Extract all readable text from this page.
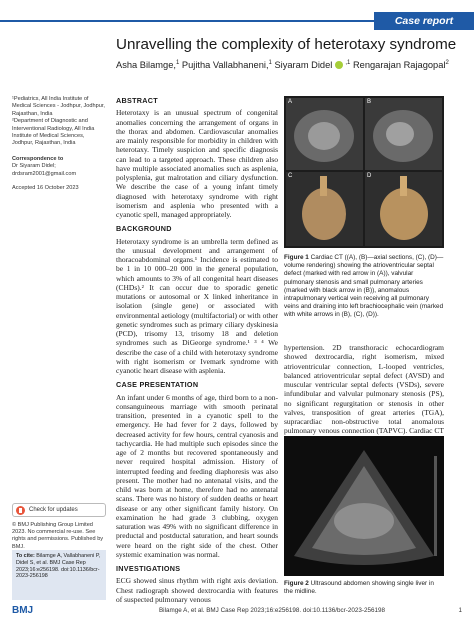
Case report
Unravelling the complexity of heterotaxy syndrome
Asha Bilamge,$^1$ Pujitha Vallabhaneni,$^1$ Siyaram Didel $^{,1}$ Rengarajan Rajagopal$^2$
¹Pediatrics, All India Institute of Medical Sciences - Jodhpur, Jodhpur, Rajasthan, India
²Department of Diagnostic and Interventional Radiology, All India Institute of Medical Sciences, Jodhpur, Rajasthan, India
Correspondence to
Dr Siyaram Didel;
drdsram2001@gmail.com
Accepted 16 October 2023
Check for updates
© BMJ Publishing Group Limited 2023. No commercial re-use. See rights and permissions. Published by BMJ.
To cite: Bilamge A, Vallabhaneni P, Didel S, et al. BMJ Case Rep 2023;16:e256198. doi:10.1136/bcr-2023-256198
ABSTRACT
Heterotaxy is an unusual spectrum of congenital anomalies concerning the arrangement of organs in the thorax and abdomen. Cardiovascular anomalies are mainly responsible for morbidity in children with heterotaxy. Timely suspicion and specific diagnosis can lead to a targeted approach. These children also have multiple associated anomalies such as asplenia, polysplenia, gut malrotation and ciliary dysfunction. We describe the case of a young infant timely diagnosed with heterotaxy syndrome with right isomerism and asplenia who presented with a cyanotic spell, managed appropriately.
BACKGROUND
Heterotaxy syndrome is an umbrella term defined as the unusual development and arrangement of thoracoabdominal organs.¹ Incidence is estimated to be 1 in 10 000–20 000 in the general population, which amounts to 3% of all congenital heart diseases (CHDs).² It can occur due to sporadic genetic mutations or autosomal or X linked inheritance in isolation (single gene) or associated with environmental aetiology (multifactorial) or with other genetic syndromes such as primary ciliary dyskinesia (PCD), trisomy 13, trisomy 18 and deletion syndromes such as DiGeorge syndrome.¹ ³ ⁴ We describe the case of a child with heterotaxy syndrome with right isomerism or Ivemark syndrome with cyanotic heart disease with asplenia.
CASE PRESENTATION
An infant under 6 months of age, third born to a non-consanguineous marriage with smooth perinatal transition, presented in a cyanotic spell to the emergency. He had fever for 2 days, followed by decreased activity for few hours, central cyanosis and tachycardia. He had multiple such episodes since the age of 2 months but recovered spontaneously and never required hospital admission. History of interrupted feeding and feeding diaphoresis was also present. The mother had no antenatal visits, and the child was born at home, therefore had no antenatal scans. There was no history of sudden deaths or heart disease or any other significant family history. On examination he had grade 3 clubbing, oxygen saturation was 49% with no significant difference in preductal and postductal saturation, and heart sounds were heard on the right side of the chest. Other systemic examination was normal.
INVESTIGATIONS
ECG showed sinus rhythm with right axis deviation. Chest radiograph showed dextrocardia with features of suspected pulmonary venous
A	B
C	D
Figure 1 Cardiac CT ((A), (B)—axial sections, (C), (D)—volume rendering) showing the atrioventricular septal defect (marked with red arrow in (A)), valvular pulmonary stenosis and small pulmonary arteries (marked with black arrow in (B)), anomalous intrapulmonary vertical vein receiving all pulmonary veins and draining into left brachiocephalic vein (marked with white arrows in (B), (C), (D)).
hypertension. 2D transthoracic echocardiogram showed dextrocardia, right isomerism, mixed atrioventricular connection, L-looped ventricles, balanced atrioventricular septal defect (AVSD) and muscular ventricular septal defects (VSDs), severe infundibular and valvular pulmonary stenosis (PS), no significant regurgitation or stenosis in other valves, transposition of great arteries (TGA), supracardiac non-obstructive total anomalous pulmonary venous connection (TAPVC). Cardiac CT
Figure 2 Ultrasound abdomen showing single liver in the midline.
BMJ	Bilamge A, et al. BMJ Case Rep 2023;16:e256198. doi:10.1136/bcr-2023-256198	1
